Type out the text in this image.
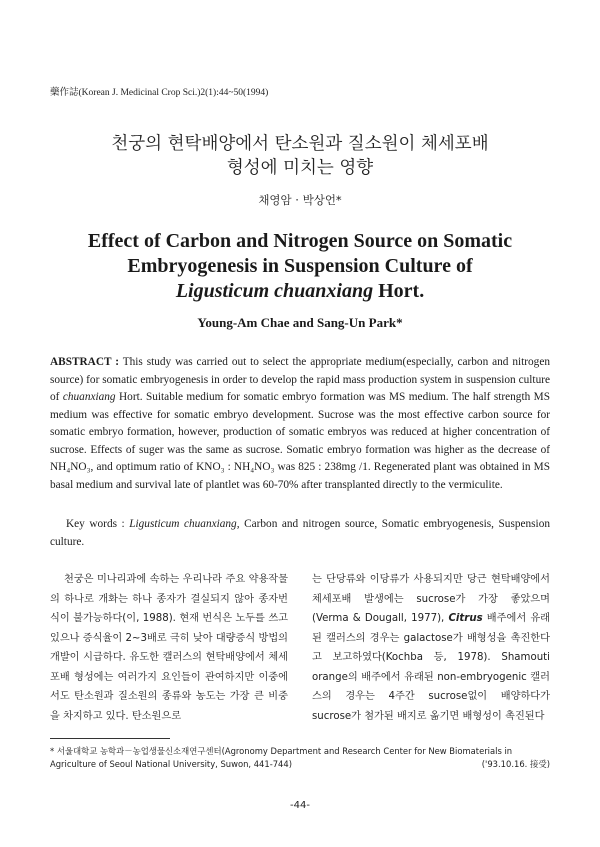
藥作誌(Korean J. Medicinal Crop Sci.)2(1):44~50(1994)
천궁의 현탁배양에서 탄소원과 질소원이 체세포배
형성에 미치는 영향
채영암 · 박상언*
Effect of Carbon and Nitrogen Source on Somatic
Embryogenesis in Suspension Culture of
Ligusticum chuanxiang Hort.
Young-Am Chae and Sang-Un Park*
ABSTRACT : This study was carried out to select the appropriate medium(especially, carbon and nitrogen source) for somatic embryogenesis in order to develop the rapid mass production system in suspension culture of chuanxiang Hort. Suitable medium for somatic embryo formation was MS medium. The half strength MS medium was effective for somatic embryo development. Sucrose was the most effective carbon source for somatic embryo formation, however, production of somatic embryos was reduced at higher concentration of sucrose. Effects of suger was the same as sucrose. Somatic embryo formation was higher as the decrease of NH₄NO₃, and optimum ratio of KNO₃ : NH₄NO₃ was 825 : 238mg /1. Regenerated plant was obtained in MS basal medium and survival late of plantlet was 60-70% after transplanted directly to the vermiculite.
Key words : Ligusticum chuanxiang, Carbon and nitrogen source, Somatic embryogenesis, Suspension culture.
천궁은 미나리과에 속하는 우리나라 주요 약용작물의 하나로 개화는 하나 종자가 결실되지 않아 종자번식이 불가능하다(이, 1988). 현재 번식은 노두를 쓰고 있으나 증식율이 2~3배로 극히 낮아 대량증식 방법의 개발이 시급하다. 유도한 캘러스의 현탁배양에서 체세포배 형성에는 여러가지 요인들이 관여하지만 이중에서도 탄소원과 질소원의 종류와 농도는 가장 큰 비중을 차지하고 있다. 탄소원으로
는 단당류와 이당류가 사용되지만 당근 현탁배양에서 체세포배 발생에는 sucrose가 가장 좋았으며 (Verma & Dougall, 1977), Citrus 배주에서 유래된 캘러스의 경우는 galactose가 배형성을 촉진한다고 보고하였다(Kochba 등, 1978). Shamouti orange의 배주에서 유래된 non-embryogenic 캘러스의 경우는 4주간 sucrose없이 배양하다가 sucrose가 첨가된 배지로 옮기면 배형성이 촉진된다
* 서울대학교 농학과－농업생물신소재연구센터(Agronomy Department and Research Center for New Biomaterials in Agriculture of Seoul National University, Suwon, 441-744)	('93.10.16. 接受)
-44-
